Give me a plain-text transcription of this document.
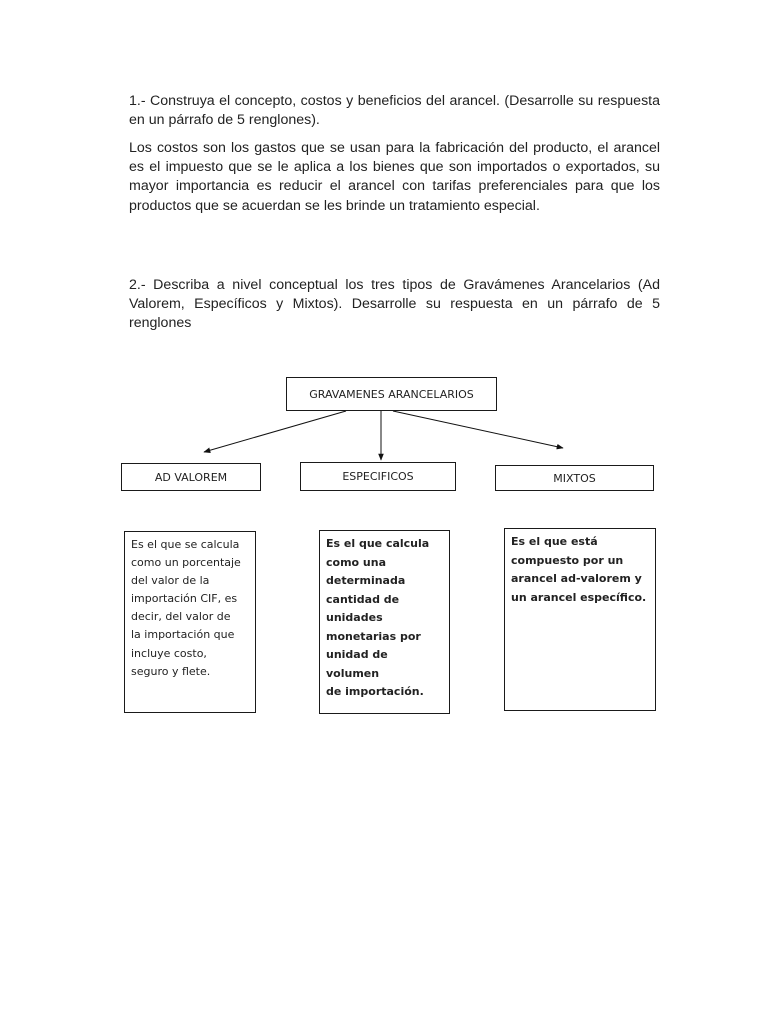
1.- Construya el concepto, costos y beneficios del arancel. (Desarrolle su respuesta en un párrafo de 5 renglones).

Los costos son los gastos que se usan para la fabricación del producto, el arancel es el impuesto que se le aplica a los bienes que son importados o exportados, su mayor importancia es reducir el arancel con tarifas preferenciales para que los productos que se acuerdan se les brinde un tratamiento especial.

2.- Describa a nivel conceptual los tres tipos de Gravámenes Arancelarios (Ad Valorem, Específicos y Mixtos). Desarrolle su respuesta en un párrafo de 5 renglones

GRAVAMENES ARANCELARIOS
AD VALOREM	ESPECIFICOS	MIXTOS
Es el que se calcula
como un porcentaje
del valor de la
importación CIF, es
decir, del valor de
la importación que
incluye costo,
seguro y flete.
Es el que calcula
como una
determinada
cantidad de
unidades
monetarias por
unidad de volumen
de importación.
Es el que está
compuesto por un
arancel ad-valorem y
un arancel específico.
